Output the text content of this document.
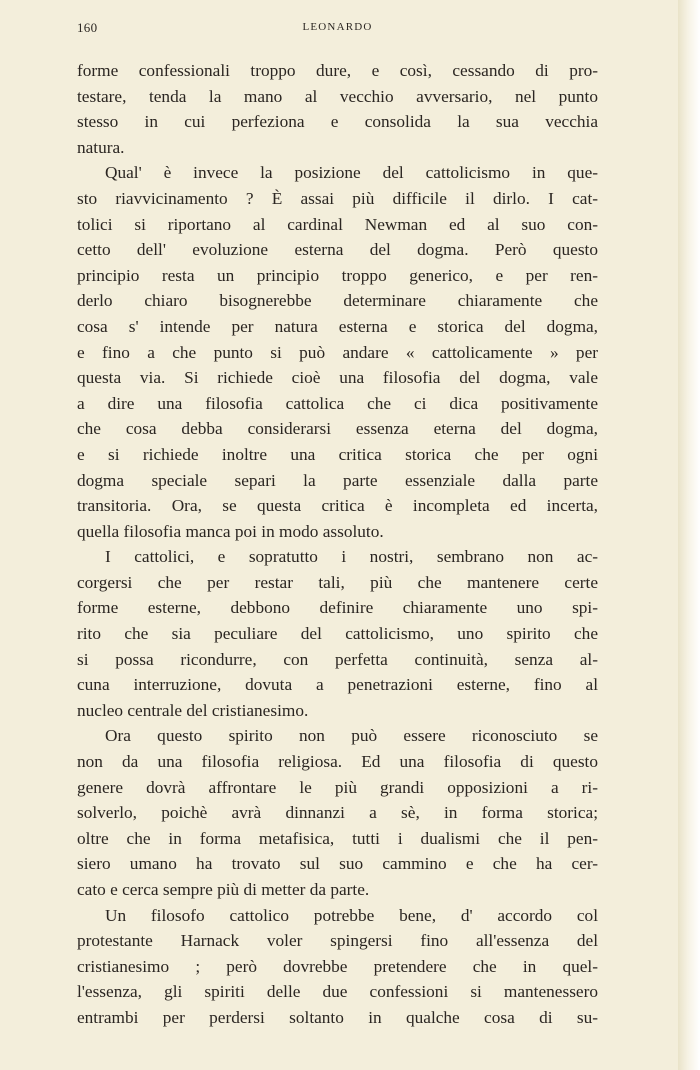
160	LEONARDO

forme confessionali troppo dure, e così, cessando di pro-
testare, tenda la mano al vecchio avversario, nel punto
stesso in cui perfeziona e consolida la sua vecchia
natura.

Qual' è invece la posizione del cattolicismo in que-
sto riavvicinamento ? È assai più difficile il dirlo. I cat-
tolici si riportano al cardinal Newman ed al suo con-
cetto dell' evoluzione esterna del dogma. Però questo
principio resta un principio troppo generico, e per ren-
derlo chiaro bisognerebbe determinare chiaramente che
cosa s' intende per natura esterna e storica del dogma,
e fino a che punto si può andare « cattolicamente » per
questa via. Si richiede cioè una filosofia del dogma, vale
a dire una filosofia cattolica che ci dica positivamente
che cosa debba considerarsi essenza eterna del dogma,
e si richiede inoltre una critica storica che per ogni
dogma speciale separi la parte essenziale dalla parte
transitoria. Ora, se questa critica è incompleta ed incerta,
quella filosofia manca poi in modo assoluto.

I cattolici, e sopratutto i nostri, sembrano non ac-
corgersi che per restar tali, più che mantenere certe
forme esterne, debbono definire chiaramente uno spi-
rito che sia peculiare del cattolicismo, uno spirito che
si possa ricondurre, con perfetta continuità, senza al-
cuna interruzione, dovuta a penetrazioni esterne, fino al
nucleo centrale del cristianesimo.

Ora questo spirito non può essere riconosciuto se
non da una filosofia religiosa. Ed una filosofia di questo
genere dovrà affrontare le più grandi opposizioni a ri-
solverlo, poichè avrà dinnanzi a sè, in forma storica;
oltre che in forma metafisica, tutti i dualismi che il pen-
siero umano ha trovato sul suo cammino e che ha cer-
cato e cerca sempre più di metter da parte.

Un filosofo cattolico potrebbe bene, d' accordo col
protestante Harnack voler spingersi fino all'essenza del
cristianesimo ; però dovrebbe pretendere che in quel-
l'essenza, gli spiriti delle due confessioni si mantenessero
entrambi per perdersi soltanto in qualche cosa di su-
